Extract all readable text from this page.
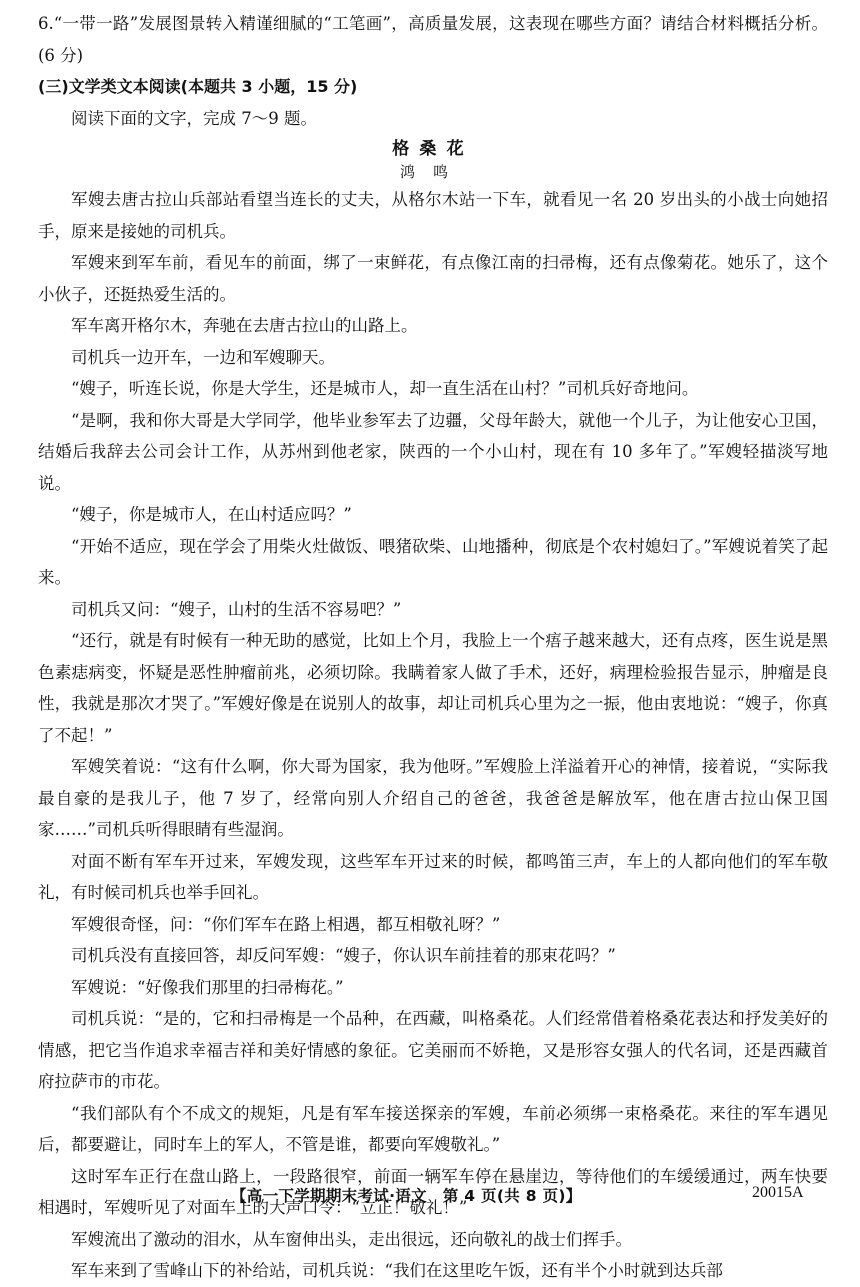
6.“一带一路”发展图景转入精谨细腻的“工笔画”，高质量发展，这表现在哪些方面？请结合材料概括分析。(6 分)

(三)文学类文本阅读(本题共 3 小题，15 分)

阅读下面的文字，完成 7～9 题。

格桑花
鸿鸣

军嫂去唐古拉山兵部站看望当连长的丈夫，从格尔木站一下车，就看见一名 20 岁出头的小战士向她招手，原来是接她的司机兵。

军嫂来到军车前，看见车的前面，绑了一束鲜花，有点像江南的扫帚梅，还有点像菊花。她乐了，这个小伙子，还挺热爱生活的。

军车离开格尔木，奔驰在去唐古拉山的山路上。

司机兵一边开车，一边和军嫂聊天。

“嫂子，听连长说，你是大学生，还是城市人，却一直生活在山村？”司机兵好奇地问。

“是啊，我和你大哥是大学同学，他毕业参军去了边疆，父母年龄大，就他一个儿子，为让他安心卫国，结婚后我辞去公司会计工作，从苏州到他老家，陕西的一个小山村，现在有 10 多年了。”军嫂轻描淡写地说。

“嫂子，你是城市人，在山村适应吗？”

“开始不适应，现在学会了用柴火灶做饭、喂猪砍柴、山地播种，彻底是个农村媳妇了。”军嫂说着笑了起来。

司机兵又问：“嫂子，山村的生活不容易吧？”

“还行，就是有时候有一种无助的感觉，比如上个月，我脸上一个痦子越来越大，还有点疼，医生说是黑色素痣病变，怀疑是恶性肿瘤前兆，必须切除。我瞒着家人做了手术，还好，病理检验报告显示，肿瘤是良性，我就是那次才哭了。”军嫂好像是在说别人的故事，却让司机兵心里为之一振，他由衷地说：“嫂子，你真了不起！”

军嫂笑着说：“这有什么啊，你大哥为国家，我为他呀。”军嫂脸上洋溢着开心的神情，接着说，“实际我最自豪的是我儿子，他 7 岁了，经常向别人介绍自己的爸爸，我爸爸是解放军，他在唐古拉山保卫国家……”司机兵听得眼睛有些湿润。

对面不断有军车开过来，军嫂发现，这些军车开过来的时候，都鸣笛三声，车上的人都向他们的军车敬礼，有时候司机兵也举手回礼。

军嫂很奇怪，问：“你们军车在路上相遇，都互相敬礼呀？”

司机兵没有直接回答，却反问军嫂：“嫂子，你认识车前挂着的那束花吗？”

军嫂说：“好像我们那里的扫帚梅花。”

司机兵说：“是的，它和扫帚梅是一个品种，在西藏，叫格桑花。人们经常借着格桑花表达和抒发美好的情感，把它当作追求幸福吉祥和美好情感的象征。它美丽而不娇艳，又是形容女强人的代名词，还是西藏首府拉萨市的市花。

“我们部队有个不成文的规矩，凡是有军车接送探亲的军嫂，车前必须绑一束格桑花。来往的军车遇见后，都要避让，同时车上的军人，不管是谁，都要向军嫂敬礼。”

这时军车正行在盘山路上，一段路很窄，前面一辆军车停在悬崖边，等待他们的车缓缓通过，两车快要相遇时，军嫂听见了对面车上的大声口令：“立正！敬礼！”

军嫂流出了激动的泪水，从车窗伸出头，走出很远，还向敬礼的战士们挥手。

军车来到了雪峰山下的补给站，司机兵说：“我们在这里吃午饭，还有半个小时就到达兵部

【高一下学期期末考试·语文　第 4 页(共 8 页)】	20015A
